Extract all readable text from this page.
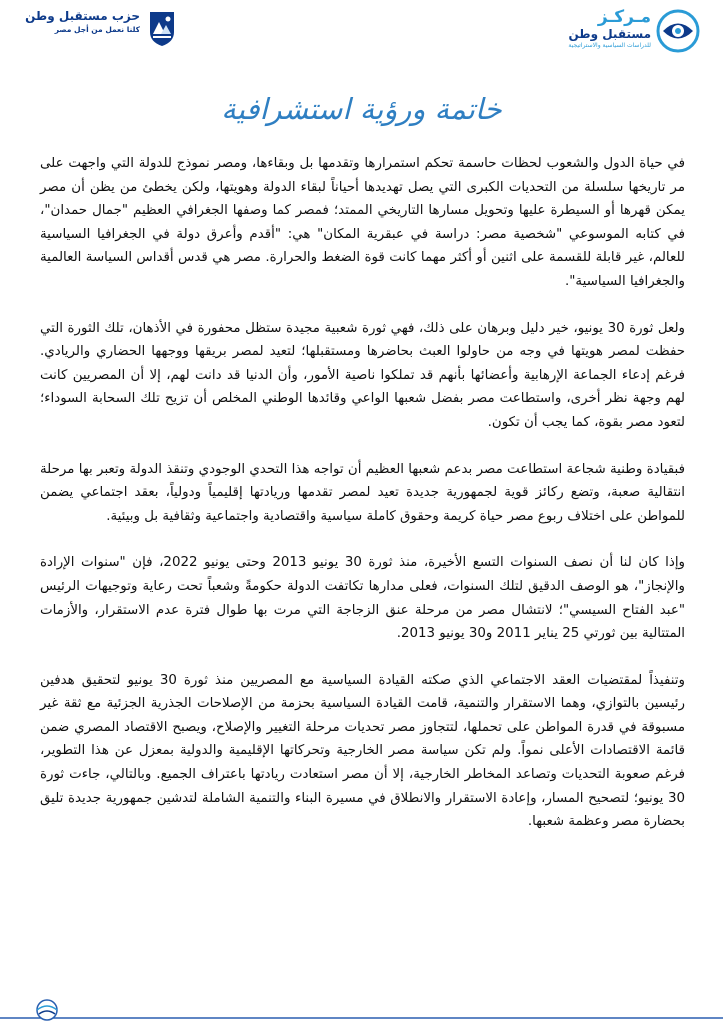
حزب مستقبل وطن
كلنا نعمل من أجل مصر
مـركـز
مستقبل وطن
للدراسات السياسية والاستراتيجية
خاتمة ورؤية استشرافية

في حياة الدول والشعوب لحظات حاسمة تحكم استمرارها وتقدمها بل وبقاءها، ومصر نموذج للدولة التي واجهت على مر تاريخها سلسلة من التحديات الكبرى التي يصل تهديدها أحياناً لبقاء الدولة وهويتها، ولكن يخطئ من يظن أن مصر يمكن قهرها أو السيطرة عليها وتحويل مسارها التاريخي الممتد؛ فمصر كما وصفها الجغرافي العظيم "جمال حمدان"، في كتابه الموسوعي "شخصية مصر: دراسة في عبقرية المكان" هي: "أقدم وأعرق دولة في الجغرافيا السياسية للعالم، غير قابلة للقسمة على اثنين أو أكثر مهما كانت قوة الضغط والحرارة. مصر هي قدس أقداس السياسة العالمية والجغرافيا السياسية".

ولعل ثورة 30 يونيو، خير دليل وبرهان على ذلك، فهي ثورة شعبية مجيدة ستظل محفورة في الأذهان، تلك الثورة التي حفظت لمصر هويتها في وجه من حاولوا العبث بحاضرها ومستقبلها؛ لتعيد لمصر بريقها ووجهها الحضاري والريادي. فرغم إدعاء الجماعة الإرهابية وأعضائها بأنهم قد تملكوا ناصية الأمور، وأن الدنيا قد دانت لهم، إلا أن المصريين كانت لهم وجهة نظر أخرى، واستطاعت مصر بفضل شعبها الواعي وقائدها الوطني المخلص أن تزيح تلك السحابة السوداء؛ لتعود مصر بقوة، كما يجب أن تكون.

فبقيادة وطنية شجاعة استطاعت مصر بدعم شعبها العظيم أن تواجه هذا التحدي الوجودي وتنقذ الدولة وتعبر بها مرحلة انتقالية صعبة، وتضع ركائز قوية لجمهورية جديدة تعيد لمصر تقدمها وريادتها إقليمياً ودولياً، بعقد اجتماعي يضمن للمواطن على اختلاف ربوع مصر حياة كريمة وحقوق كاملة سياسية واقتصادية واجتماعية وثقافية بل وبيئية.

وإذا كان لنا أن نصف السنوات التسع الأخيرة، منذ ثورة 30 يونيو 2013 وحتى يونيو 2022، فإن "سنوات الإرادة والإنجاز"، هو الوصف الدقيق لتلك السنوات، فعلى مدارها تكاتفت الدولة حكومةً وشعباً تحت رعاية وتوجيهات الرئيس "عبد الفتاح السيسي"؛ لانتشال مصر من مرحلة عنق الزجاجة التي مرت بها طوال فترة عدم الاستقرار، والأزمات المتتالية بين ثورتي 25 يناير 2011 و30 يونيو 2013.

وتنفيذاً لمقتضيات العقد الاجتماعي الذي صكته القيادة السياسية مع المصريين منذ ثورة 30 يونيو لتحقيق هدفين رئيسين بالتوازي، وهما الاستقرار والتنمية، قامت القيادة السياسية بحزمة من الإصلاحات الجذرية الجزئية مع ثقة غير مسبوقة في قدرة المواطن على تحملها، لتتجاوز مصر تحديات مرحلة التغيير والإصلاح، ويصبح الاقتصاد المصري ضمن قائمة الاقتصادات الأعلى نمواً. ولم تكن سياسة مصر الخارجية وتحركاتها الإقليمية والدولية بمعزل عن هذا التطوير، فرغم صعوبة التحديات وتصاعد المخاطر الخارجية، إلا أن مصر استعادت ريادتها باعتراف الجميع. وبالتالي، جاءت ثورة 30 يونيو؛ لتصحيح المسار، وإعادة الاستقرار والانطلاق في مسيرة البناء والتنمية الشاملة لتدشين جمهورية جديدة تليق بحضارة مصر وعظمة شعبها.
